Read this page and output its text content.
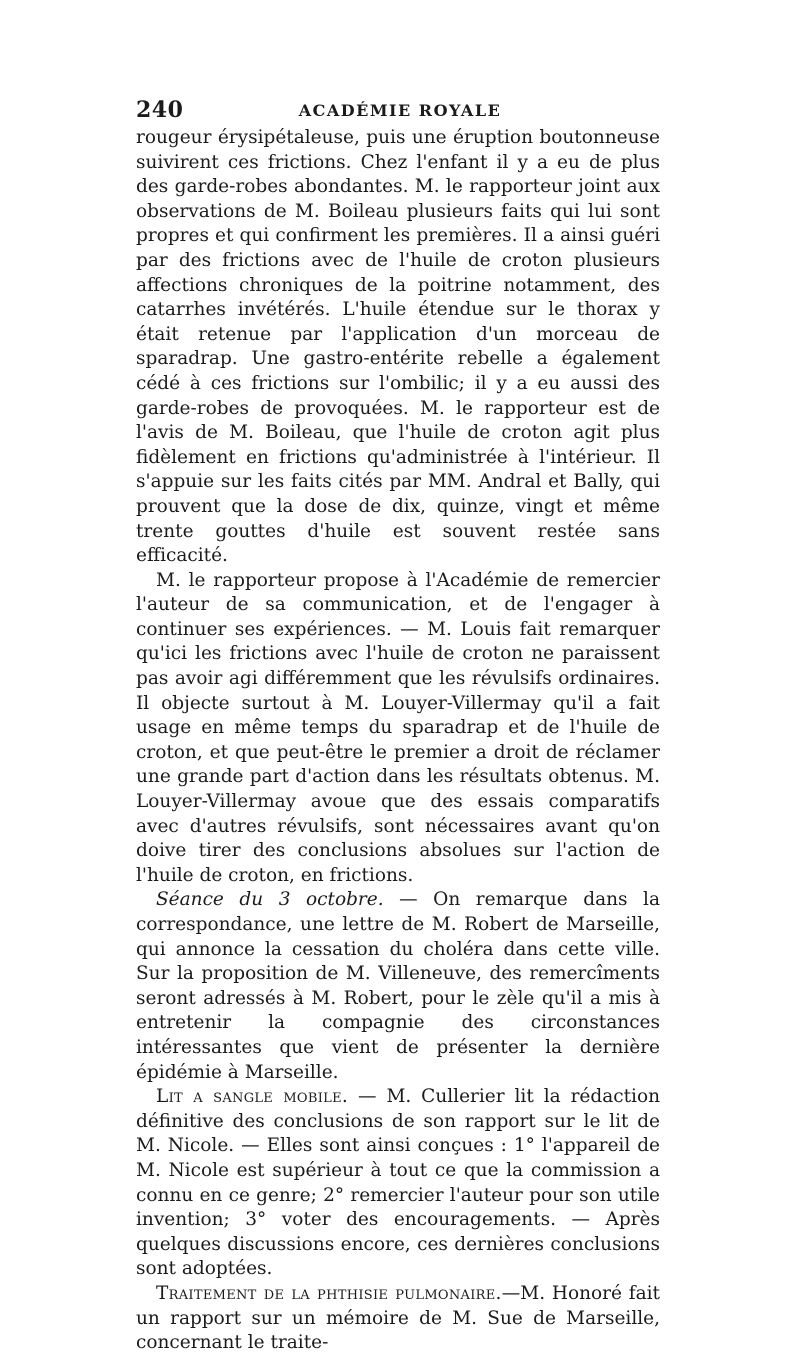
240	ACADÉMIE ROYALE

rougeur érysipétaleuse, puis une éruption boutonneuse suivirent ces frictions. Chez l'enfant il y a eu de plus des garde-robes abondantes. M. le rapporteur joint aux observations de M. Boileau plusieurs faits qui lui sont propres et qui confirment les premières. Il a ainsi guéri par des frictions avec de l'huile de croton plusieurs affections chroniques de la poitrine notamment, des catarrhes invétérés. L'huile étendue sur le thorax y était retenue par l'application d'un morceau de sparadrap. Une gastro-entérite rebelle a également cédé à ces frictions sur l'ombilic; il y a eu aussi des garde-robes de provoquées. M. le rapporteur est de l'avis de M. Boileau, que l'huile de croton agit plus fidèlement en frictions qu'administrée à l'intérieur. Il s'appuie sur les faits cités par MM. Andral et Bally, qui prouvent que la dose de dix, quinze, vingt et même trente gouttes d'huile est souvent restée sans efficacité.

M. le rapporteur propose à l'Académie de remercier l'auteur de sa communication, et de l'engager à continuer ses expériences. — M. Louis fait remarquer qu'ici les frictions avec l'huile de croton ne paraissent pas avoir agi différemment que les révulsifs ordinaires. Il objecte surtout à M. Louyer-Villermay qu'il a fait usage en même temps du sparadrap et de l'huile de croton, et que peut-être le premier a droit de réclamer une grande part d'action dans les résultats obtenus. M. Louyer-Villermay avoue que des essais comparatifs avec d'autres révulsifs, sont nécessaires avant qu'on doive tirer des conclusions absolues sur l'action de l'huile de croton, en frictions.

Séance du 3 octobre. — On remarque dans la correspondance, une lettre de M. Robert de Marseille, qui annonce la cessation du choléra dans cette ville. Sur la proposition de M. Villeneuve, des remercîments seront adressés à M. Robert, pour le zèle qu'il a mis à entretenir la compagnie des circonstances intéressantes que vient de présenter la dernière épidémie à Marseille.

Lit a sangle mobile. — M. Cullerier lit la rédaction définitive des conclusions de son rapport sur le lit de M. Nicole. — Elles sont ainsi conçues : 1° l'appareil de M. Nicole est supérieur à tout ce que la commission a connu en ce genre; 2° remercier l'auteur pour son utile invention; 3° voter des encouragements. — Après quelques discussions encore, ces dernières conclusions sont adoptées.

Traitement de la phthisie pulmonaire.—M. Honoré fait un rapport sur un mémoire de M. Sue de Marseille, concernant le traite-
